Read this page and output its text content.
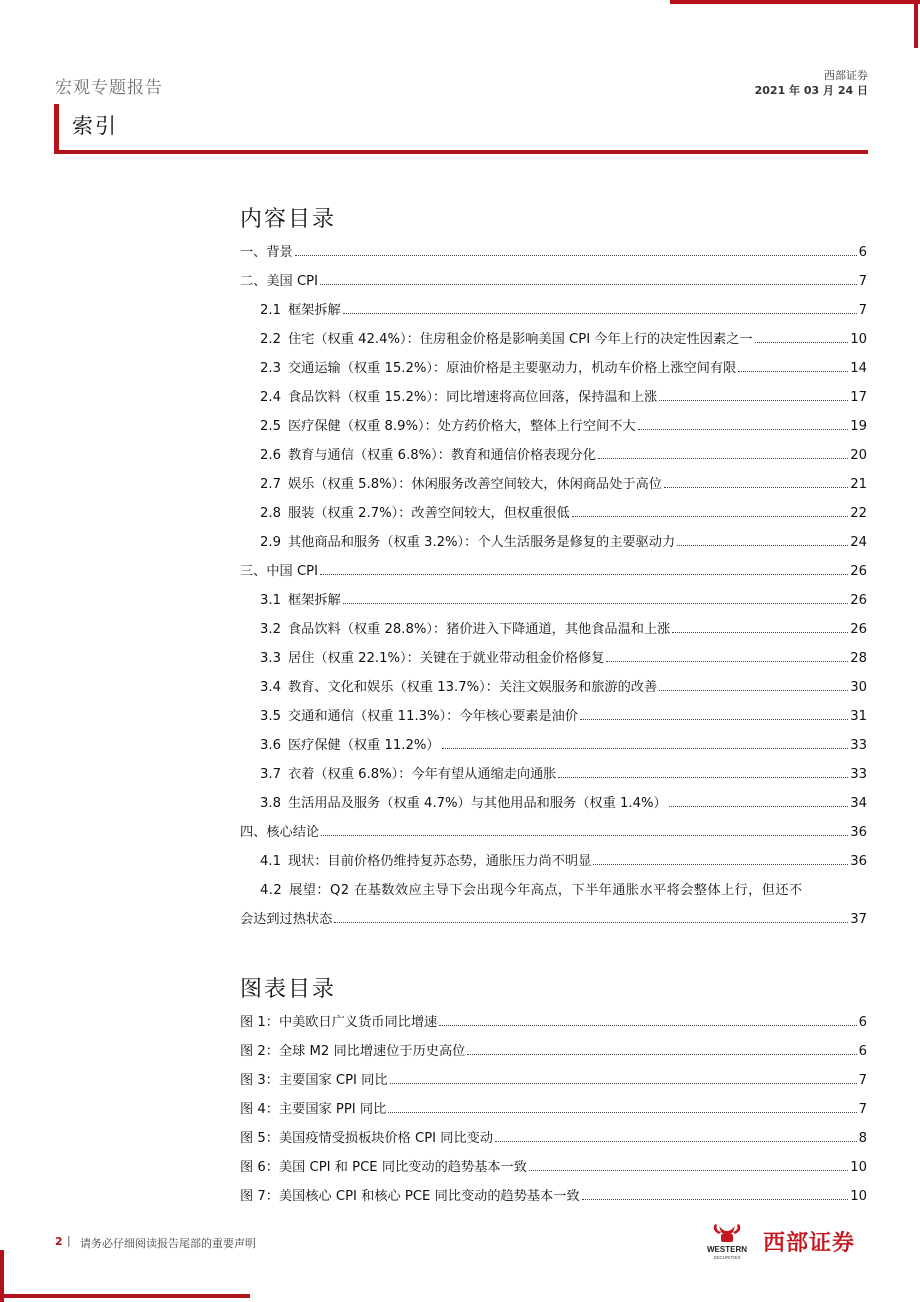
宏观专题报告
西部证券
2021 年 03 月 24 日
索引
内容目录
一、背景	6
二、美国 CPI	7
2.1 框架拆解	7
2.2 住宅（权重 42.4%）：住房租金价格是影响美国 CPI 今年上行的决定性因素之一	10
2.3 交通运输（权重 15.2%）：原油价格是主要驱动力，机动车价格上涨空间有限	14
2.4 食品饮料（权重 15.2%）：同比增速将高位回落，保持温和上涨	17
2.5 医疗保健（权重 8.9%）：处方药价格大，整体上行空间不大	19
2.6 教育与通信（权重 6.8%）：教育和通信价格表现分化	20
2.7 娱乐（权重 5.8%）：休闲服务改善空间较大，休闲商品处于高位	21
2.8 服装（权重 2.7%）：改善空间较大，但权重很低	22
2.9 其他商品和服务（权重 3.2%）：个人生活服务是修复的主要驱动力	24
三、中国 CPI	26
3.1 框架拆解	26
3.2 食品饮料（权重 28.8%）：猪价进入下降通道，其他食品温和上涨	26
3.3 居住（权重 22.1%）：关键在于就业带动租金价格修复	28
3.4 教育、文化和娱乐（权重 13.7%）：关注文娱服务和旅游的改善	30
3.5 交通和通信（权重 11.3%）：今年核心要素是油价	31
3.6 医疗保健（权重 11.2%）	33
3.7 衣着（权重 6.8%）：今年有望从通缩走向通胀	33
3.8 生活用品及服务（权重 4.7%）与其他用品和服务（权重 1.4%）	34
四、核心结论	36
4.1 现状：目前价格仍维持复苏态势，通胀压力尚不明显	36
4.2 展望：Q2 在基数效应主导下会出现今年高点，下半年通胀水平将会整体上行，但还不
会达到过热状态	37
图表目录
图 1：中美欧日广义货币同比增速	6
图 2：全球 M2 同比增速位于历史高位	6
图 3：主要国家 CPI 同比	7
图 4：主要国家 PPI 同比	7
图 5：美国疫情受损板块价格 CPI 同比变动	8
图 6：美国 CPI 和 PCE 同比变动的趋势基本一致	10
图 7：美国核心 CPI 和核心 PCE 同比变动的趋势基本一致	10
2 | 请务必仔细阅读报告尾部的重要声明	WESTERN
SECURITIES
西部证券
